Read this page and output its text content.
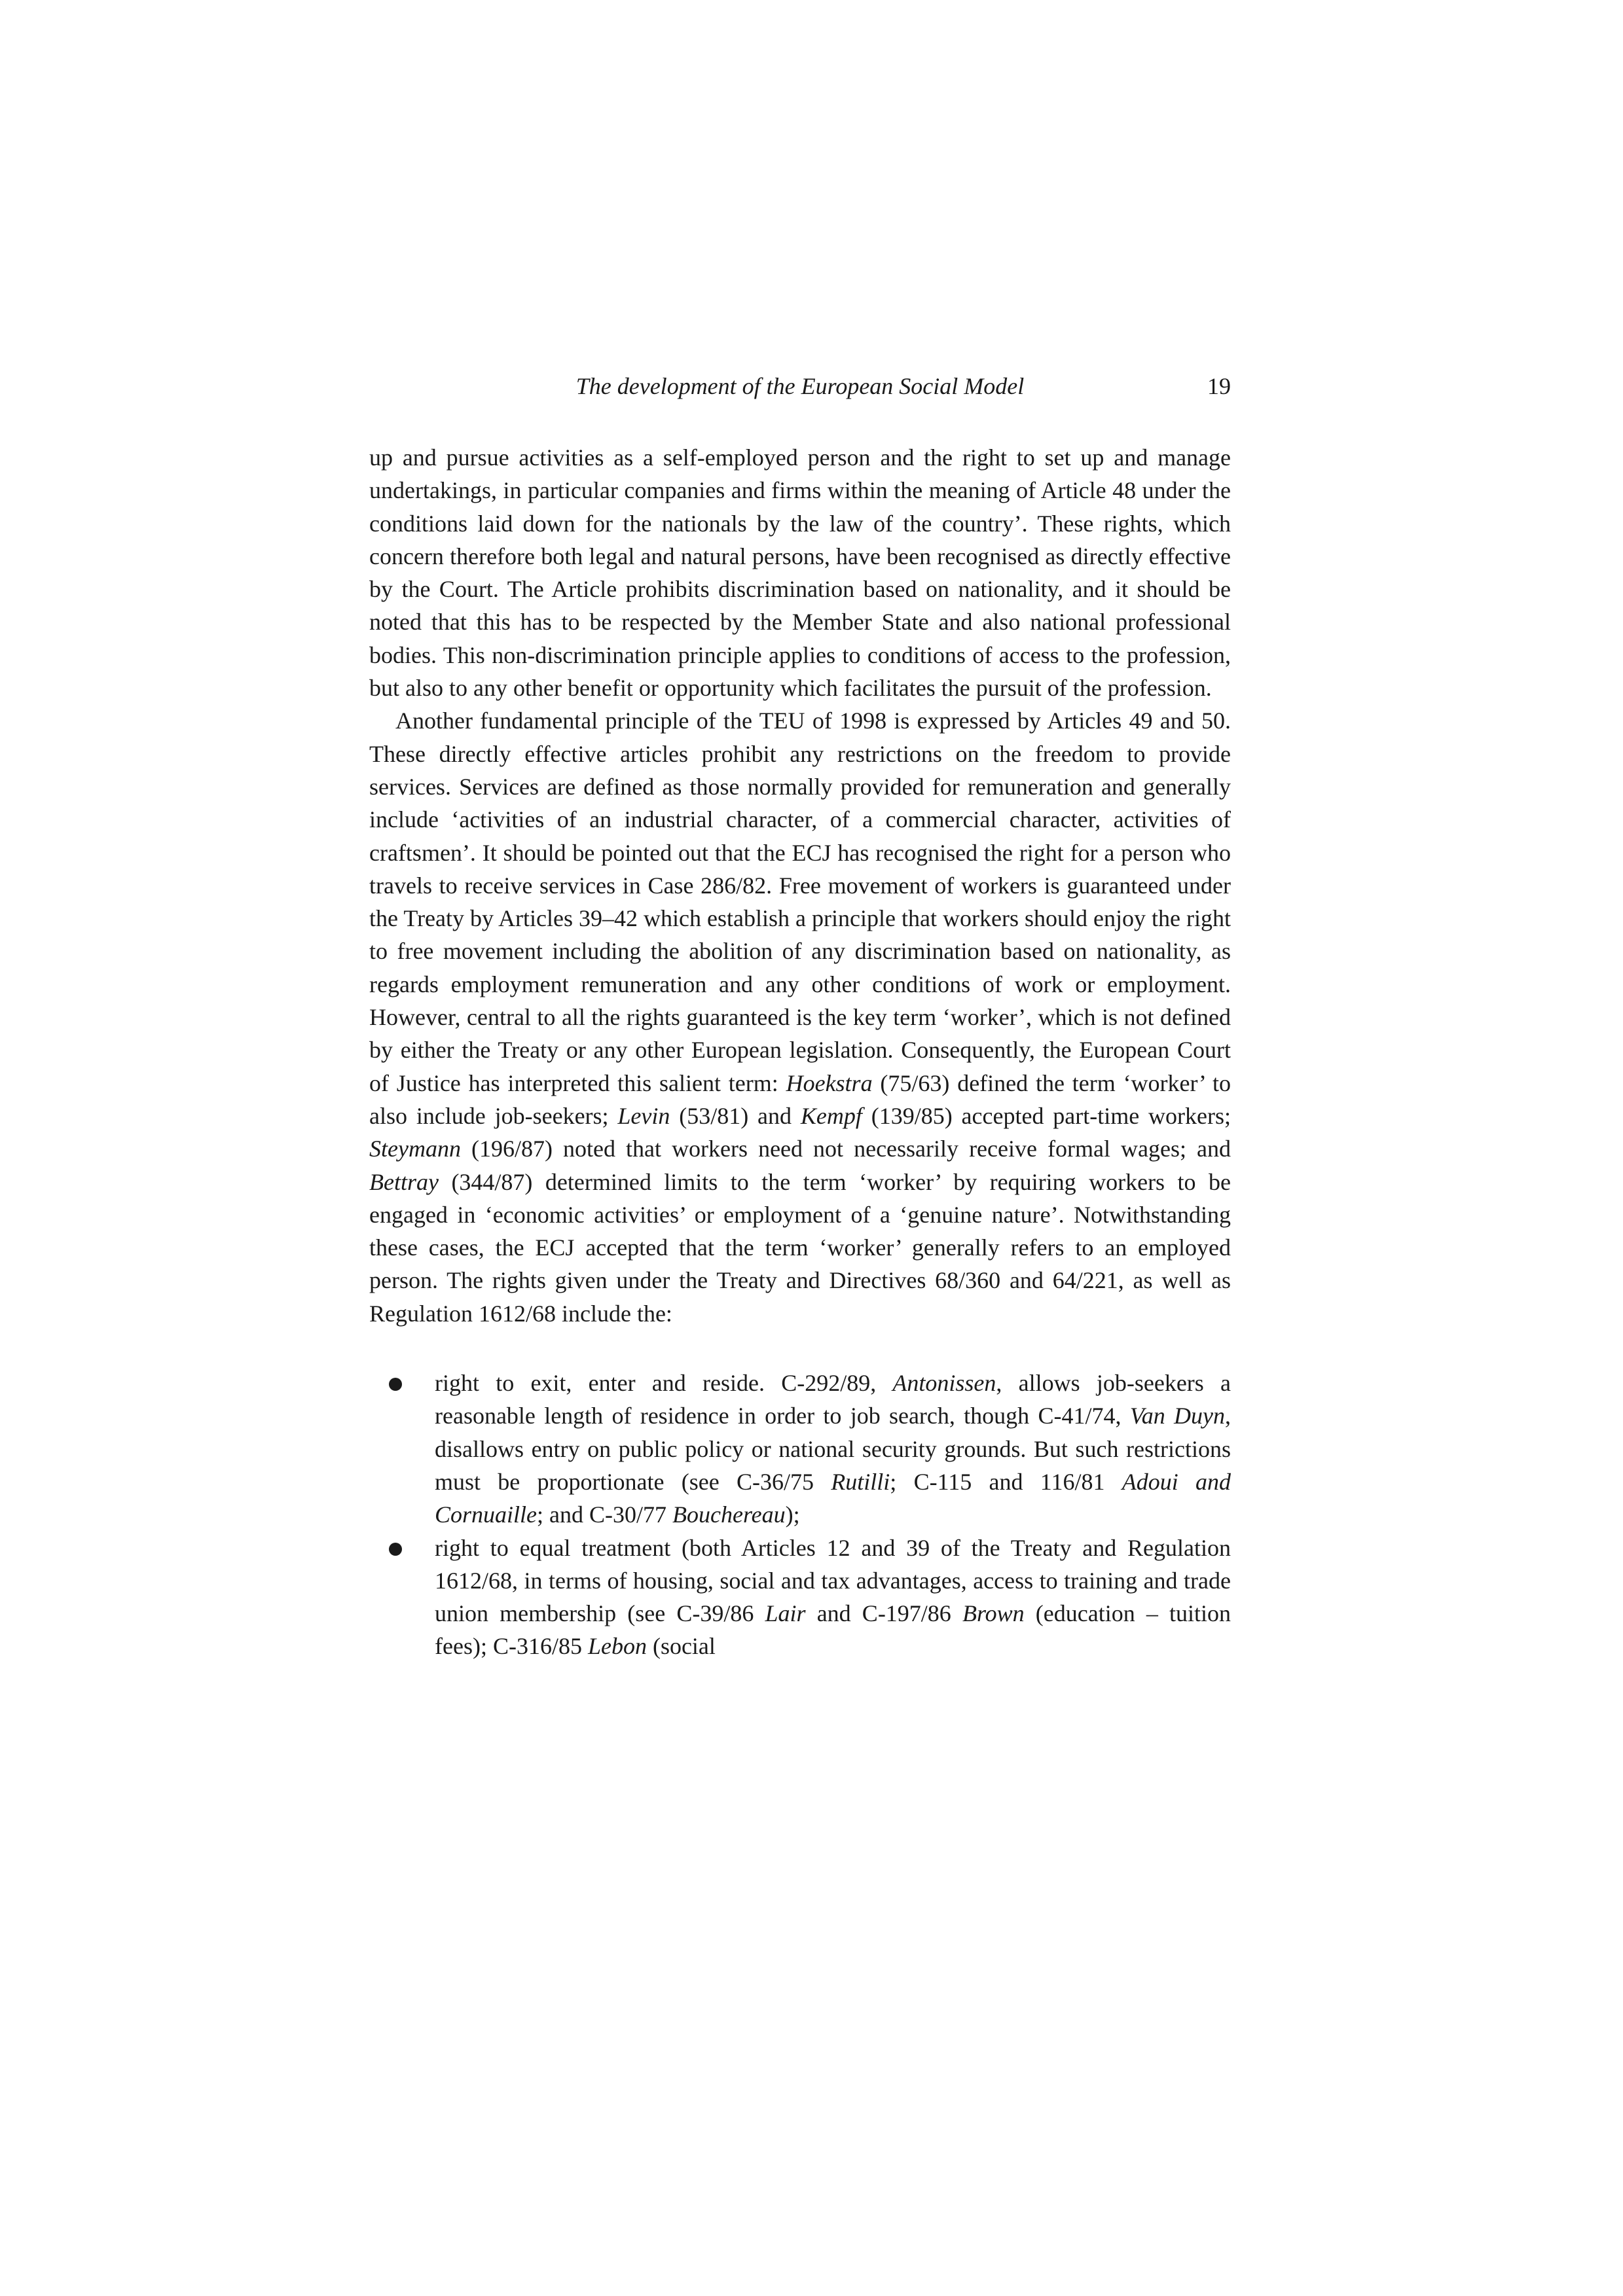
The development of the European Social Model	19

up and pursue activities as a self-employed person and the right to set up and manage undertakings, in particular companies and firms within the meaning of Article 48 under the conditions laid down for the nationals by the law of the country’. These rights, which concern therefore both legal and natural persons, have been recognised as directly effective by the Court. The Article prohibits discrimination based on nationality, and it should be noted that this has to be respected by the Member State and also national professional bodies. This non-discrimination principle applies to conditions of access to the profession, but also to any other benefit or opportunity which facilitates the pursuit of the profession.

Another fundamental principle of the TEU of 1998 is expressed by Articles 49 and 50. These directly effective articles prohibit any restrictions on the freedom to provide services. Services are defined as those normally provided for remuneration and generally include ‘activities of an industrial character, of a commercial character, activities of craftsmen’. It should be pointed out that the ECJ has recognised the right for a person who travels to receive services in Case 286/82. Free movement of workers is guaranteed under the Treaty by Articles 39–42 which establish a principle that workers should enjoy the right to free movement including the abolition of any discrimination based on nationality, as regards employment remuneration and any other conditions of work or employment. However, central to all the rights guaranteed is the key term ‘worker’, which is not defined by either the Treaty or any other European legislation. Consequently, the European Court of Justice has interpreted this salient term: Hoekstra (75/63) defined the term ‘worker’ to also include job-seekers; Levin (53/81) and Kempf (139/85) accepted part-time workers; Steymann (196/87) noted that workers need not necessarily receive formal wages; and Bettray (344/87) determined limits to the term ‘worker’ by requiring workers to be engaged in ‘economic activities’ or employment of a ‘genuine nature’. Notwithstanding these cases, the ECJ accepted that the term ‘worker’ generally refers to an employed person. The rights given under the Treaty and Directives 68/360 and 64/221, as well as Regulation 1612/68 include the:

right to exit, enter and reside. C-292/89, Antonissen, allows job-seekers a reasonable length of residence in order to job search, though C-41/74, Van Duyn, disallows entry on public policy or national security grounds. But such restrictions must be proportionate (see C-36/75 Rutilli; C-115 and 116/81 Adoui and Cornuaille; and C-30/77 Bouchereau);
right to equal treatment (both Articles 12 and 39 of the Treaty and Regulation 1612/68, in terms of housing, social and tax advantages, access to training and trade union membership (see C-39/86 Lair and C-197/86 Brown (education – tuition fees); C-316/85 Lebon (social
